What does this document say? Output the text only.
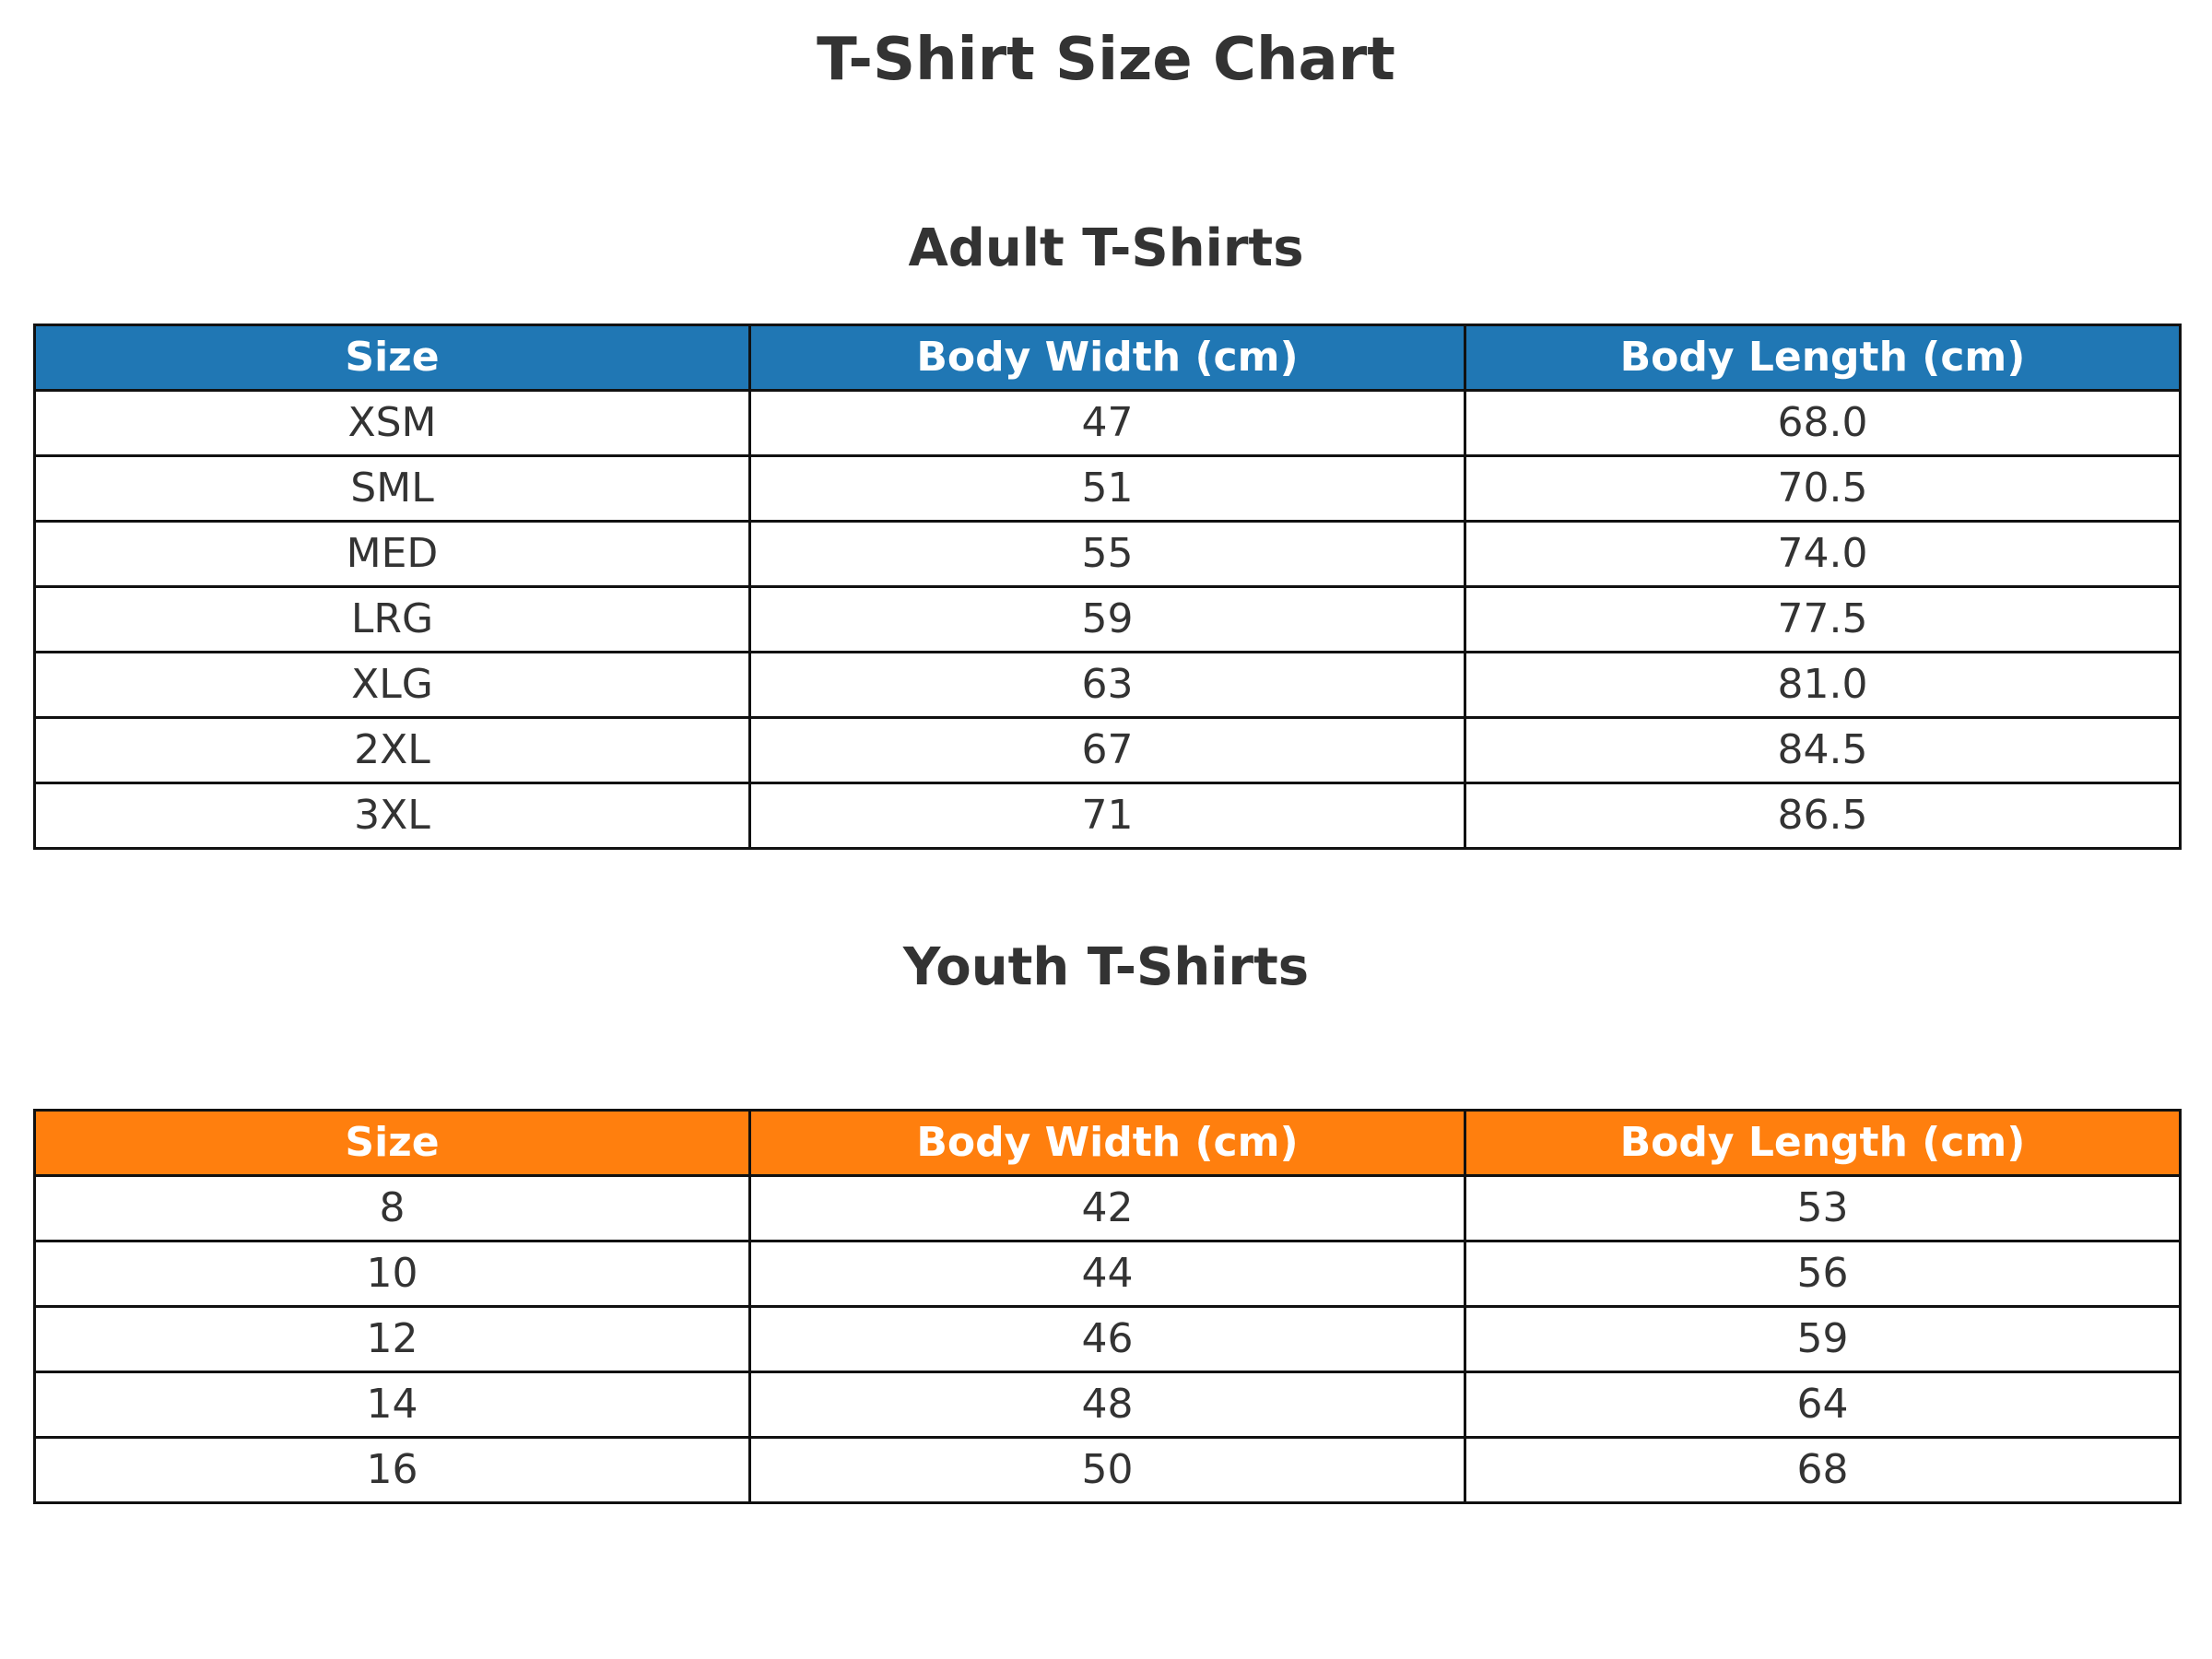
T-Shirt Size Chart
Adult T-Shirts
Size	Body Width (cm)	Body Length (cm)
XSM	47	68.0
SML	51	70.5
MED	55	74.0
LRG	59	77.5
XLG	63	81.0
2XL	67	84.5
3XL	71	86.5
Youth T-Shirts
Size	Body Width (cm)	Body Length (cm)
8	42	53
10	44	56
12	46	59
14	48	64
16	50	68
